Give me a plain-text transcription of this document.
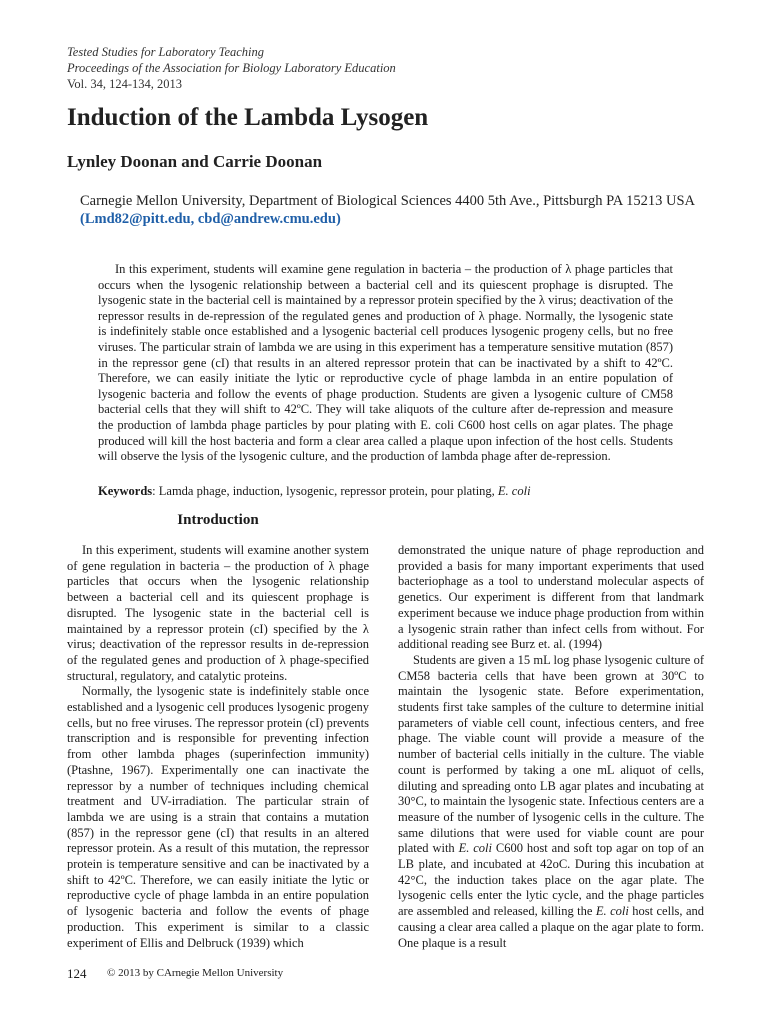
Tested Studies for Laboratory Teaching
Proceedings of the Association for Biology Laboratory Education
Vol. 34, 124-134, 2013
Induction of the Lambda Lysogen
Lynley Doonan and Carrie Doonan
Carnegie Mellon University, Department of Biological Sciences 4400 5th Ave., Pittsburgh PA 15213 USA
(Lmd82@pitt.edu, cbd@andrew.cmu.edu)

In this experiment, students will examine gene regulation in bacteria – the production of λ phage particles that occurs when the lysogenic relationship between a bacterial cell and its quiescent prophage is disrupted. The lysogenic state in the bacterial cell is maintained by a repressor protein specified by the λ virus; deactivation of the repressor results in de-repression of the regulated genes and production of λ phage. Normally, the lysogenic state is indefinitely stable once established and a lysogenic bacterial cell produces lysogenic progeny cells, but no free viruses. The particular strain of lambda we are using in this experiment has a temperature sensitive mutation (857) in the repressor gene (cI) that results in an altered repressor protein that can be inactivated by a shift to 42ºC. Therefore, we can easily initiate the lytic or reproductive cycle of phage lambda in an entire population of lysogenic bacteria and follow the events of phage production. Students are given a lysogenic culture of CM58 bacterial cells that they will shift to 42ºC. They will take aliquots of the culture after de-repression and measure the production of lambda phage particles by pour plating with E. coli C600 host cells on agar plates. The phage produced will kill the host bacteria and form a clear area called a plaque upon infection of the host cells. Students will observe the lysis of the lysogenic culture, and the production of lambda phage after de-repression.

Keywords: Lamda phage, induction, lysogenic, repressor protein, pour plating, E. coli
Introduction

In this experiment, students will examine another system of gene regulation in bacteria – the production of λ phage particles that occurs when the lysogenic relationship between a bacterial cell and its quiescent prophage is disrupted. The lysogenic state in the bacterial cell is maintained by a repressor protein (cI) specified by the λ virus; deactivation of the repressor results in de-repression of the regulated genes and production of λ phage-specified structural, regulatory, and catalytic proteins.

Normally, the lysogenic state is indefinitely stable once established and a lysogenic cell produces lysogenic progeny cells, but no free viruses. The repressor protein (cI) prevents transcription and is responsible for preventing infection from other lambda phages (superinfection immunity) (Ptashne, 1967). Experimentally one can inactivate the repressor by a number of techniques including chemical treatment and UV-irradiation. The particular strain of lambda we are using is a strain that contains a mutation (857) in the repressor gene (cI) that results in an altered repressor protein. As a result of this mutation, the repressor protein is temperature sensitive and can be inactivated by a shift to 42ºC. Therefore, we can easily initiate the lytic or reproductive cycle of phage lambda in an entire population of lysogenic bacteria and follow the events of phage production. This experiment is similar to a classic experiment of Ellis and Delbruck (1939) which

demonstrated the unique nature of phage reproduction and provided a basis for many important experiments that used bacteriophage as a tool to understand molecular aspects of genetics. Our experiment is different from that landmark experiment because we induce phage production from within a lysogenic strain rather than infect cells from without. For additional reading see Burz et. al. (1994)

Students are given a 15 mL log phase lysogenic culture of CM58 bacteria cells that have been grown at 30ºC to maintain the lysogenic state. Before experimentation, students first take samples of the culture to determine initial parameters of viable cell count, infectious centers, and free phage. The viable count will provide a measure of the number of bacterial cells initially in the culture. The viable count is performed by taking a one mL aliquot of cells, diluting and spreading onto LB agar plates and incubating at 30°C, to maintain the lysogenic state. Infectious centers are a measure of the number of lysogenic cells in the culture. The same dilutions that were used for viable count are pour plated with E. coli C600 host and soft top agar on top of an LB plate, and incubated at 42oC. During this incubation at 42°C, the induction takes place on the agar plate. The lysogenic cells enter the lytic cycle, and the phage particles are assembled and released, killing the E. coli host cells, and causing a clear area called a plaque on the agar plate to form. One plaque is a result

124 © 2013 by CArnegie Mellon University
